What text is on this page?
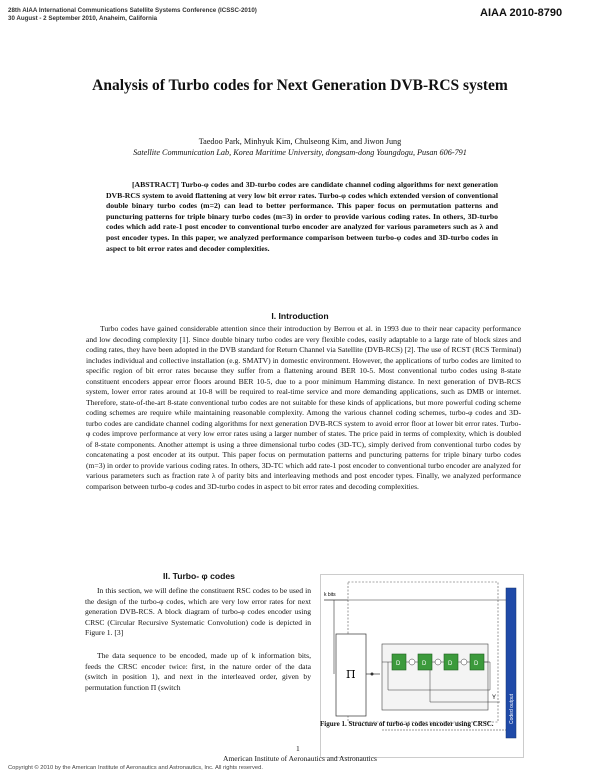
28th AIAA International Communications Satellite Systems Conference (ICSSC-2010)
30 August - 2 September 2010, Anaheim, California	AIAA 2010-8790
Analysis of Turbo codes for Next Generation DVB-RCS system
Taedoo Park, Minhyuk Kim, Chulseong Kim, and Jiwon Jung
Satellite Communication Lab, Korea Maritime University, dongsam-dong Youngdogu, Pusan 606-791
[ABSTRACT] Turbo-φ codes and 3D-turbo codes are candidate channel coding algorithms for next generation DVB-RCS system to avoid flattening at very low bit error rates. Turbo-φ codes which extended version of conventional double binary turbo codes (m=2) can lead to better performance. This paper focus on permutation patterns and puncturing patterns for triple binary turbo codes (m=3) in order to provide various coding rates. In others, 3D-turbo codes which add rate-1 post encoder to conventional turbo encoder are analyzed for various parameters such as λ and post encoder types. In this paper, we analyzed performance comparison between turbo-φ codes and 3D-turbo codes in aspect to bit error rates and decoder complexities.
I. Introduction
Turbo codes have gained considerable attention since their introduction by Berrou et al. in 1993 due to their near capacity performance and low decoding complexity [1]. Since double binary turbo codes are very flexible codes, easily adaptable to a large rate of block sizes and coding rates, they have been adopted in the DVB standard for Return Channel via Satellite (DVB-RCS) [2]. The use of RCST (RCS Terminal) includes individual and collective installation (e.g. SMATV) in domestic environment. However, the applications of turbo codes are limited to specific region of bit error rates because they suffer from a flattening around BER 10-5. Most conventional turbo codes using 8-state constituent encoders appear error floors around BER 10-5, due to a poor minimum Hamming distance. In next generation of DVB-RCS system, lower error rates around at 10-8 will be required to real-time service and more demanding applications, such as DMB or internet. Therefore, state-of-the-art 8-state conventional turbo codes are not suitable for these kinds of applications, but more powerful coding scheme coding schemes are require while maintaining reasonable complexity. Among the various channel coding schemes, turbo-φ codes and 3D-turbo codes are candidate channel coding algorithms for next generation DVB-RCS system to avoid error floor at lower bit error rates. Turbo-φ codes improve performance at very low error rates using a larger number of states. The price paid in terms of complexity, which is doubled of 8-state components. Another attempt is using a three dimensional turbo codes (3D-TC), simply derived from conventional turbo codes by concatenating a post encoder at its output. This paper focus on permutation patterns and puncturing patterns for triple binary turbo codes (m=3) in order to provide various coding rates. In others, 3D-TC which add rate-1 post encoder to conventional turbo encoder are analyzed for various parameters such as fraction rate λ of parity bits and interleaving methods and post encoder types. Finally, we analyzed performance comparison between turbo-φ codes and 3D-turbo codes in aspect to bit error rates and decoding complexities.
II. Turbo- φ codes
In this section, we will define the constituent RSC codes to be used in the design of the turbo-φ codes, which are very low error rates for next generation DVB-RCS. A block diagram of turbo-φ codes encoder using CRSC (Circular Recursive Systematic Convolution) code is depicted in Figure 1. [3]
The data sequence to be encoded, made up of k information bits, feeds the CRSC encoder twice: first, in the nature order of the data (switch in position 1), and next in the interleaved order, given by permutation function Π (switch
k bits
Π
D	D	D	D
Y	Coded output
Figure 1. Structure of turbo-φ codes encoder using CRSC.
Copyright © 2010 by the American Institute of Aeronautics and Astronautics, Inc. All rights reserved.
American Institute of Aeronautics and Astronautics
1
